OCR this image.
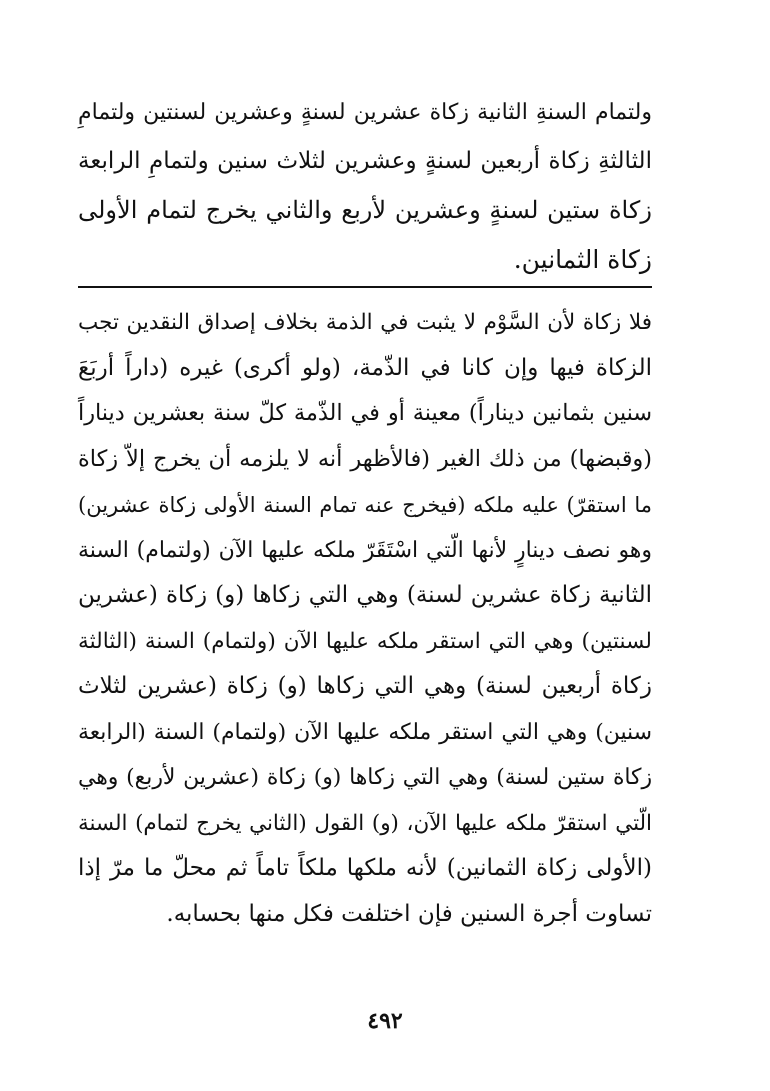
ولتمام السنةِ الثانية زكاة عشرين لسنةٍ وعشرين لسنتين ولتمامِ
الثالثةِ زكاة أربعين لسنةٍ وعشرين لثلاث سنين ولتمامِ الرابعة
زكاة ستين لسنةٍ وعشرين لأربع والثاني يخرج لتمام الأولى
زكاة الثمانين.
فلا زكاة لأن السَّوْم لا يثبت في الذمة بخلاف إصداق النقدين تجب
الزكاة فيها وإن كانا في الذّمة، (ولو أكرى) غيره (داراً أربَعَ
سنين بثمانين ديناراً) معينة أو في الذّمة كلّ سنة بعشرين ديناراً
(وقبضها) من ذلك الغير (فالأظهر أنه لا يلزمه أن يخرج إلاّ زكاة
ما استقرّ) عليه ملكه (فيخرج عنه تمام السنة الأولى زكاة عشرين)
وهو نصف دينارٍ لأنها الّتي اسْتَقَرّ ملكه عليها الآن (ولتمام) السنة
الثانية زكاة عشرين لسنة) وهي التي زكاها (و) زكاة (عشرين
لسنتين) وهي التي استقر ملكه عليها الآن (ولتمام) السنة (الثالثة
زكاة أربعين لسنة) وهي التي زكاها (و) زكاة (عشرين لثلاث
سنين) وهي التي استقر ملكه عليها الآن (ولتمام) السنة (الرابعة
زكاة ستين لسنة) وهي التي زكاها (و) زكاة (عشرين لأربع) وهي
الّتي استقرّ ملكه عليها الآن، (و) القول (الثاني يخرج لتمام) السنة
(الأولى زكاة الثمانين) لأنه ملكها ملكاً تاماً ثم محلّ ما مرّ إذا
تساوت أجرة السنين فإن اختلفت فكل منها بحسابه.
٤٩٢
